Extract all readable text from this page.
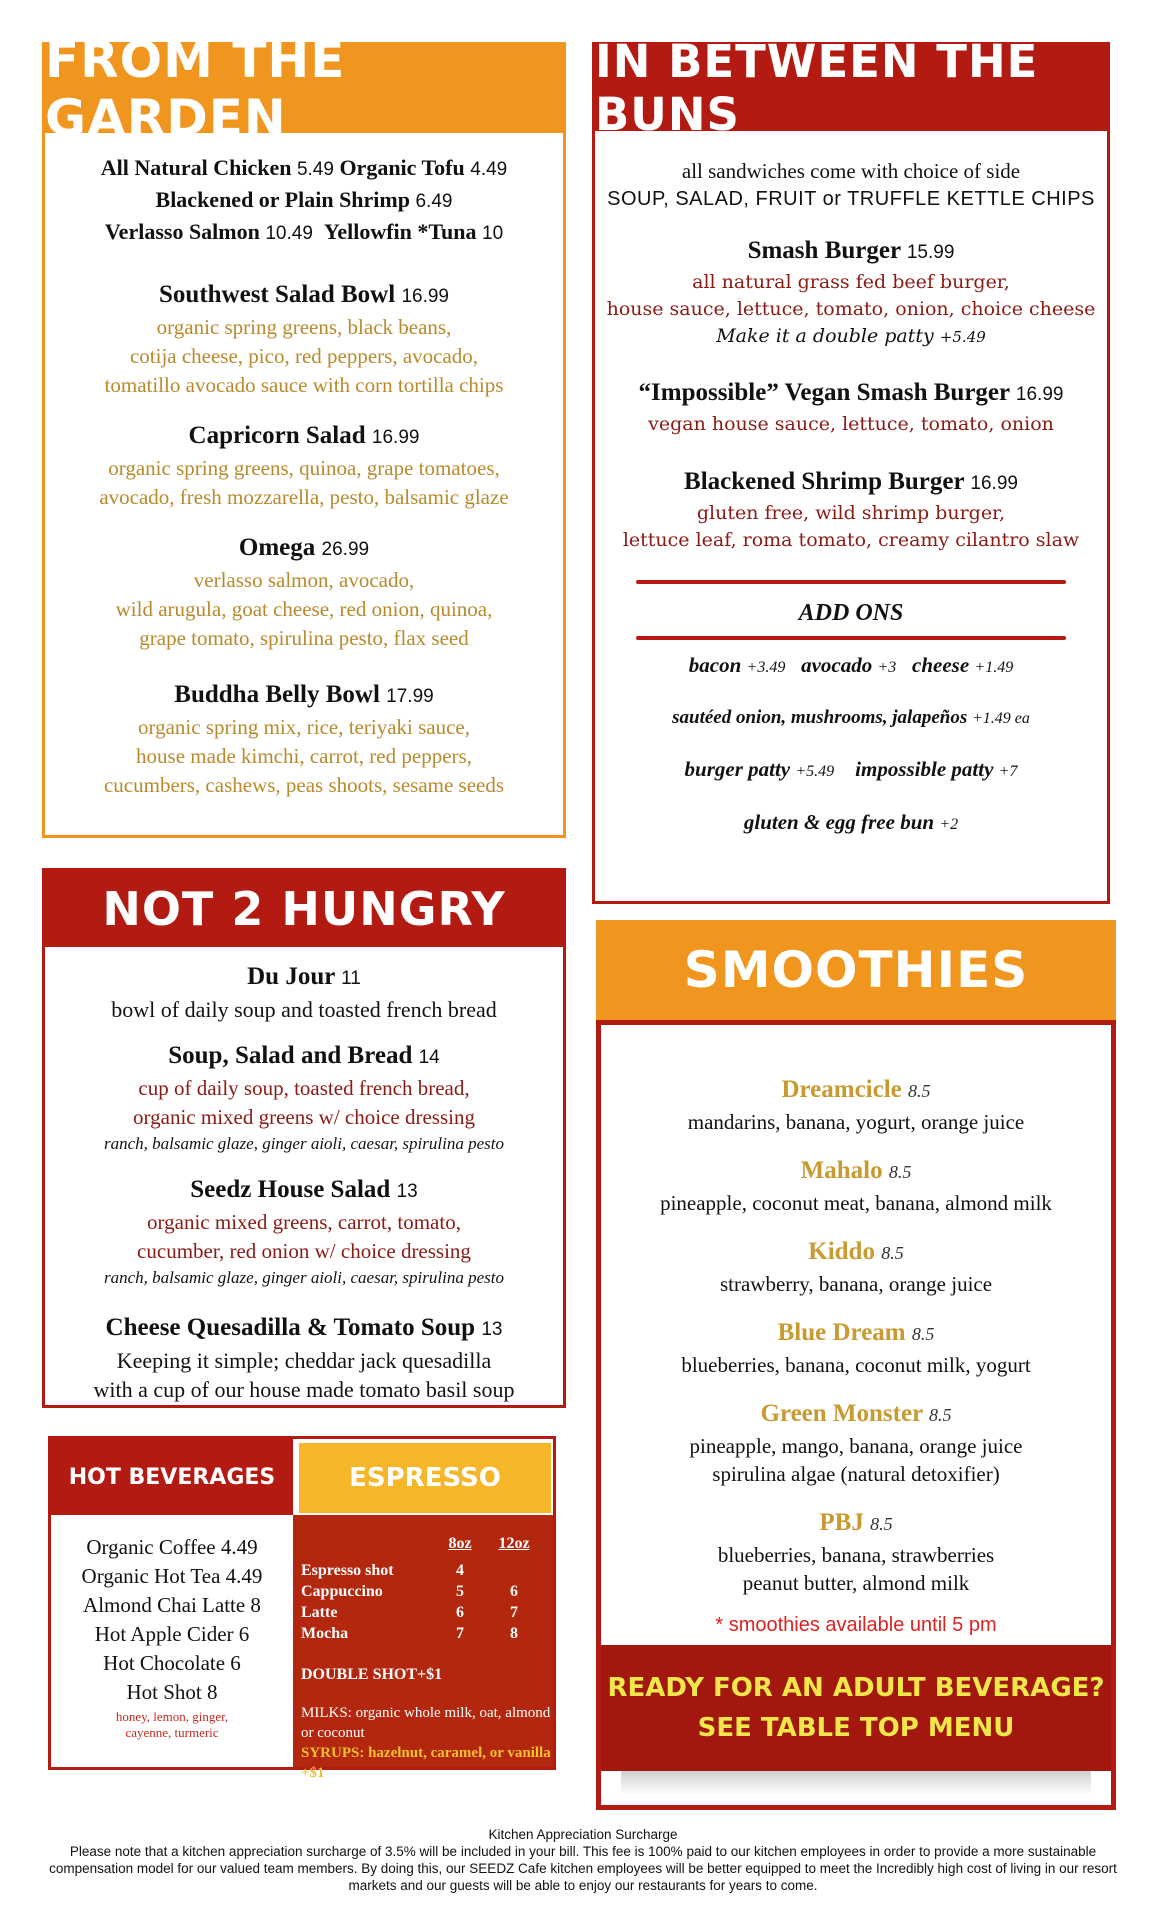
FROM THE GARDEN
All Natural Chicken 5.49 Organic Tofu 4.49
Blackened or Plain Shrimp 6.49
Verlasso Salmon 10.49 Yellowfin *Tuna 10
Southwest Salad Bowl 16.99
organic spring greens, black beans,
cotija cheese, pico, red peppers, avocado,
tomatillo avocado sauce with corn tortilla chips
Capricorn Salad 16.99
organic spring greens, quinoa, grape tomatoes,
avocado, fresh mozzarella, pesto, balsamic glaze
Omega 26.99
verlasso salmon, avocado,
wild arugula, goat cheese, red onion, quinoa,
grape tomato, spirulina pesto, flax seed
Buddha Belly Bowl 17.99
organic spring mix, rice, teriyaki sauce,
house made kimchi, carrot, red peppers,
cucumbers, cashews, peas shoots, sesame seeds
IN BETWEEN THE BUNS
all sandwiches come with choice of side
SOUP, SALAD, FRUIT or TRUFFLE KETTLE CHIPS
Smash Burger 15.99
all natural grass fed beef burger,
house sauce, lettuce, tomato, onion, choice cheese
Make it a double patty +5.49
“Impossible” Vegan Smash Burger 16.99
vegan house sauce, lettuce, tomato, onion
Blackened Shrimp Burger 16.99
gluten free, wild shrimp burger,
lettuce leaf, roma tomato, creamy cilantro slaw
ADD ONS
bacon +3.49 avocado +3 cheese +1.49
sautéed onion, mushrooms, jalapeños +1.49 ea
burger patty +5.49 impossible patty +7
gluten & egg free bun +2
NOT 2 HUNGRY
Du Jour 11
bowl of daily soup and toasted french bread
Soup, Salad and Bread 14
cup of daily soup, toasted french bread,
organic mixed greens w/ choice dressing
ranch, balsamic glaze, ginger aioli, caesar, spirulina pesto
Seedz House Salad 13
organic mixed greens, carrot, tomato,
cucumber, red onion w/ choice dressing
ranch, balsamic glaze, ginger aioli, caesar, spirulina pesto
Cheese Quesadilla & Tomato Soup 13
Keeping it simple; cheddar jack quesadilla
with a cup of our house made tomato basil soup
SMOOTHIES
Dreamcicle 8.5
mandarins, banana, yogurt, orange juice
Mahalo 8.5
pineapple, coconut meat, banana, almond milk
Kiddo 8.5
strawberry, banana, orange juice
Blue Dream 8.5
blueberries, banana, coconut milk, yogurt
Green Monster 8.5
pineapple, mango, banana, orange juice
spirulina algae (natural detoxifier)
PBJ 8.5
blueberries, banana, strawberries
peanut butter, almond milk
* smoothies available until 5 pm
READY FOR AN ADULT BEVERAGE?
SEE TABLE TOP MENU
HOT BEVERAGES	ESPRESSO
Organic Coffee 4.49
Organic Hot Tea 4.49
Almond Chai Latte 8
Hot Apple Cider 6
Hot Chocolate 6
Hot Shot 8
honey, lemon, ginger,
cayenne, turmeric
	8oz	12oz

Espresso shot	4	
Cappuccino	5	6
Latte	6	7
Mocha	7	8
DOUBLE SHOT+$1
MILKS: organic whole milk, oat, almond or coconut
SYRUPS: hazelnut, caramel, or vanilla +$1
Kitchen Appreciation Surcharge
Please note that a kitchen appreciation surcharge of 3.5% will be included in your bill. This fee is 100% paid to our kitchen employees in order to provide a more sustainable compensation model for our valued team members. By doing this, our SEEDZ Cafe kitchen employees will be better equipped to meet the Incredibly high cost of living in our resort markets and our guests will be able to enjoy our restaurants for years to come.
